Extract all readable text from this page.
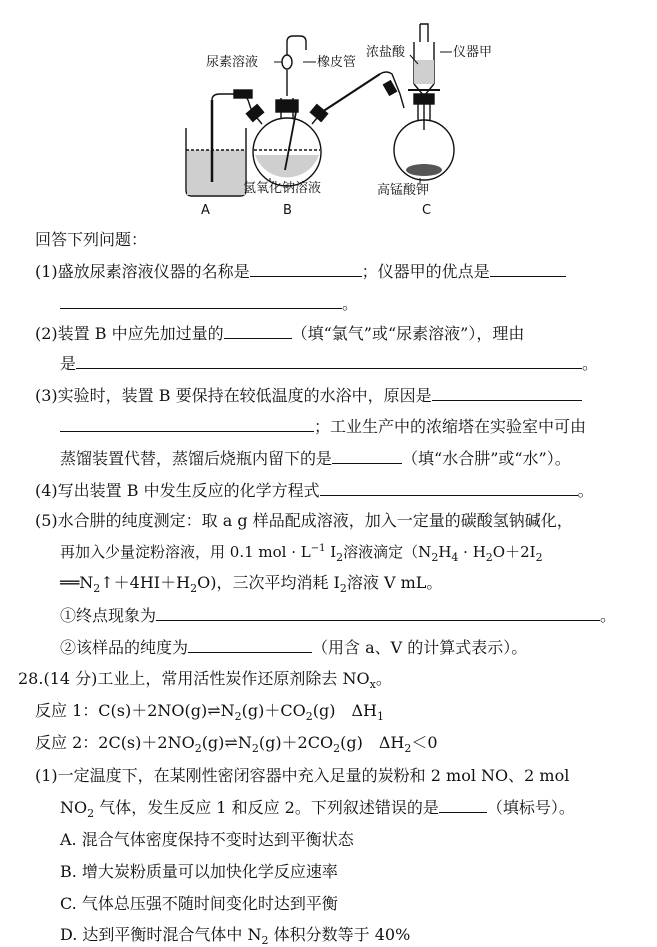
尿素溶液	橡皮管
浓盐酸	仪器甲
氢氧化钠溶液	高锰酸钾
A	B	C
回答下列问题：
(1)盛放尿素溶液仪器的名称是	；仪器甲的优点是
。
(2)装置 B 中应先加过量的	（填“氯气”或“尿素溶液”），理由
是	。
(3)实验时，装置 B 要保持在较低温度的水浴中，原因是
；工业生产中的浓缩塔在实验室中可由
蒸馏装置代替，蒸馏后烧瓶内留下的是	（填“水合肼”或“水”）。
(4)写出装置 B 中发生反应的化学方程式	。
(5)水合肼的纯度测定：取 a g 样品配成溶液，加入一定量的碳酸氢钠碱化，
再加入少量淀粉溶液，用 0.1 mol · $L^{-1}$ $I_2$溶液滴定（$N_2H_4 \cdot H_2O+2I_2$
$══N_2↑+4HI+H_2O$)，三次平均消耗 $I_2$溶液 V mL。
①终点现象为	。
②该样品的纯度为	（用含 a、V 的计算式表示）。
28.(14 分)工业上，常用活性炭作还原剂除去 $NO_x$。
反应 1：$C(s)+2NO(g)\rightleftharpoons N_2(g)+CO_2(g)$　$\Delta H_1$
反应 2：$2C(s)+2NO_2(g)\rightleftharpoons N_2(g)+2CO_2(g)$　$\Delta H_2<0$
(1)一定温度下，在某刚性密闭容器中充入足量的炭粉和 2 mol NO、2 mol
$NO_2$ 气体，发生反应 1 和反应 2。下列叙述错误的是	（填标号）。
A. 混合气体密度保持不变时达到平衡状态
B. 增大炭粉质量可以加快化学反应速率
C. 气体总压强不随时间变化时达到平衡
D. 达到平衡时混合气体中 $N_2$ 体积分数等于 40%
